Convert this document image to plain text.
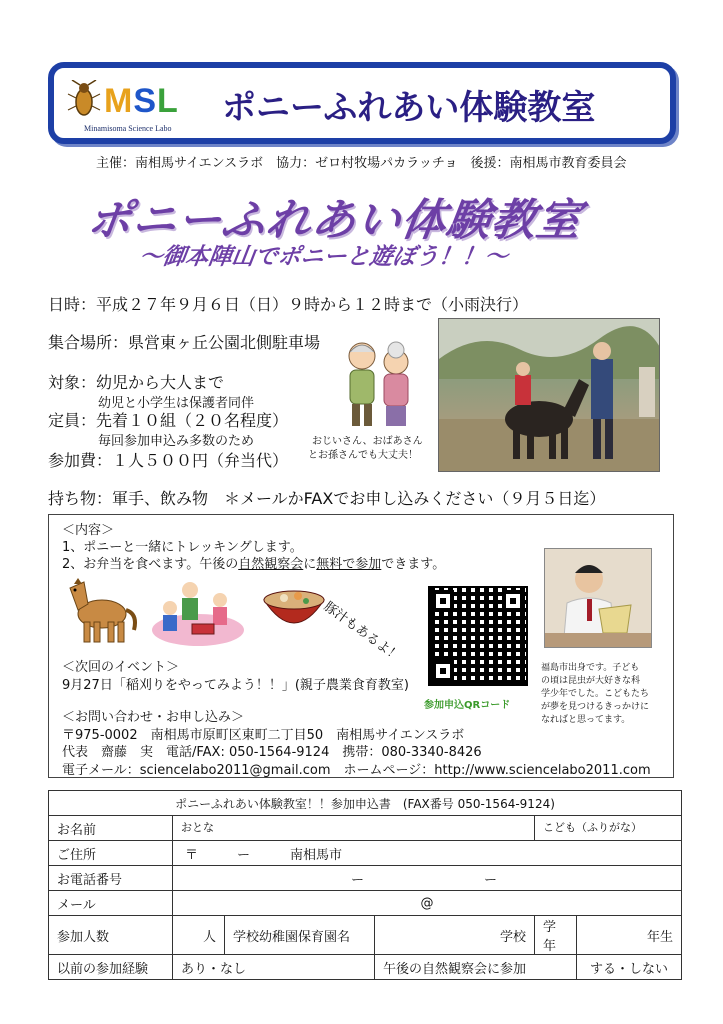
MSL
Minamisoma Science Labo
ポニーふれあい体験教室
主催：南相馬サイエンスラボ　協力：ゼロ村牧場パカラッチョ　後援：南相馬市教育委員会
ポニーふれあい体験教室
～御本陣山でポニーと遊ぼう！！～
日時：平成２７年９月６日（日）９時から１２時まで（小雨決行）
集合場所：県営東ヶ丘公園北側駐車場
対象：幼児から大人まで
幼児と小学生は保護者同伴
定員：先着１０組（２０名程度）
毎回参加申込み多数のため
参加費：１人５００円（弁当代）
持ち物：軍手、飲み物　＊メールかFAXでお申し込みください（９月５日迄）
おじいさん、おばあさん
とお孫さんでも大丈夫！
＜内容＞
1、ポニーと一緒にトレッキングします。
2、お弁当を食べます。午後の自然観察会に無料で参加できます。
豚汁もあるよ！
＜次回のイベント＞
9月27日「稲刈りをやってみよう！！」(親子農業食育教室)
＜お問い合わせ・お申し込み＞
〒975-0002　南相馬市原町区東町二丁目50　南相馬サイエンスラボ
代表　齋藤　実　電話/FAX: 050-1564-9124　携帯：080-3340-8426
電子メール：sciencelabo2011@gmail.com　ホームページ：http://www.sciencelabo2011.com
参加申込QRコード
福島市出身です。子ども
の頃は昆虫が大好きな科
学少年でした。こどもたち
が夢を見つけるきっかけに
なればと思ってます。
ポニーふれあい体験教室！！参加申込書　(FAX番号 050-1564-9124)					
お名前	おとな			こども（ふりがな）	
ご住所	〒　　　ー 南相馬市				
お電話番号	ー ー				
メール	@				
参加人数	人	学校幼稚園保育園名	学校	学年	年生
以前の参加経験	あり・なし		午後の自然観察会に参加		する・しない
